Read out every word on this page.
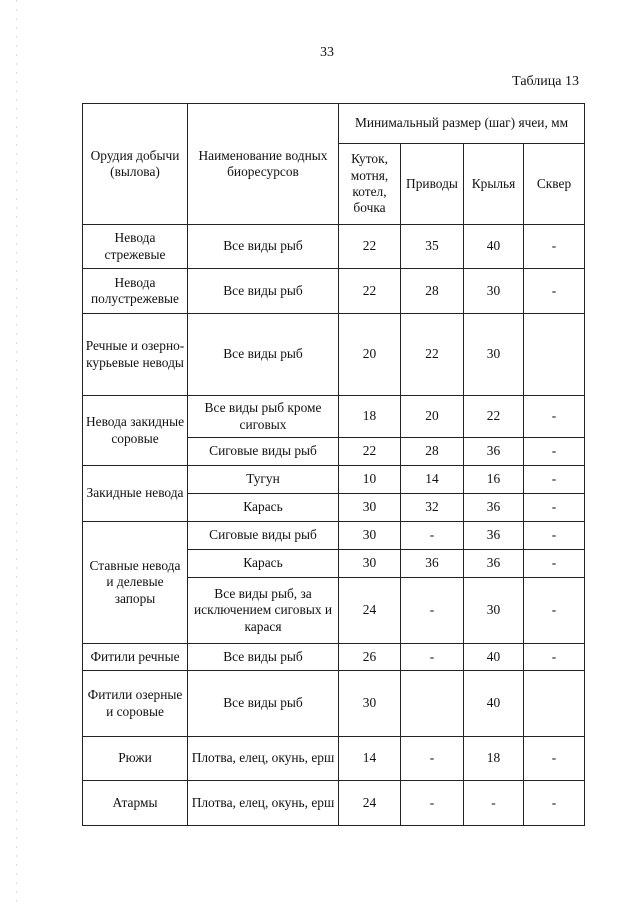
33
Таблица 13
Орудия добычи (вылова)	Наименование водных биоресурсов	Минимальный размер (шаг) ячеи, мм			
		Куток, мотня, котел, бочка	Приводы	Крылья	Сквер
Невода стрежевые	Все виды рыб	22	35	40	-
Невода полустрежевые	Все виды рыб	22	28	30	-
Речные и озерно-курьевые неводы	Все виды рыб	20	22	30	
Невода закидные соровые	Все виды рыб кроме сиговых	18	20	22	-
	Сиговые виды рыб	22	28	36	-
Закидные невода	Тугун	10	14	16	-
	Карась	30	32	36	-
Ставные невода и делевые запоры	Сиговые виды рыб	30	-	36	-
	Карась	30	36	36	-
	Все виды рыб, за исключением сиговых и карася	24	-	30	-
Фитили речные	Все виды рыб	26	-	40	-
Фитили озерные и соровые	Все виды рыб	30		40	
Рюжи	Плотва, елец, окунь, ерш	14	-	18	-
Атармы	Плотва, елец, окунь, ерш	24	-	-	-
